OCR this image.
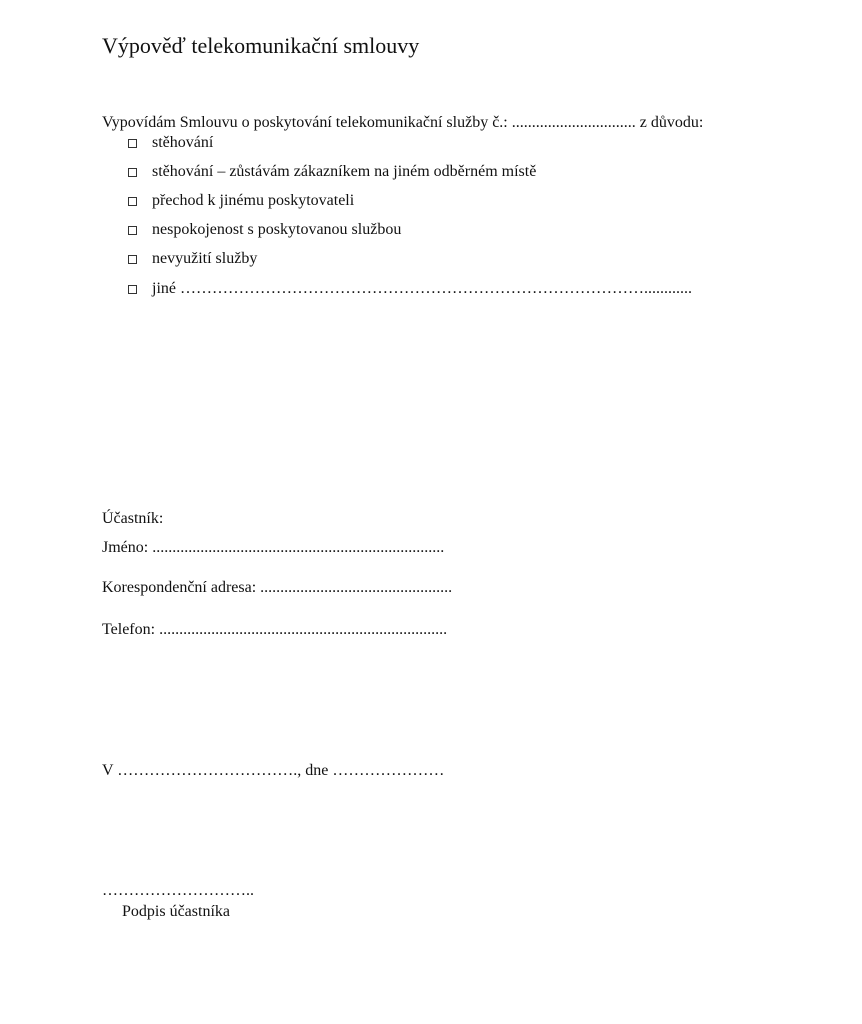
Výpověď telekomunikační smlouvy
Vypovídám Smlouvu o poskytování telekomunikační služby č.: ............................... z důvodu:
stěhování
stěhování – zůstávám zákazníkem na jiném odběrném místě
přechod k jinému poskytovateli
nespokojenost s poskytovanou službou
nevyužití služby
jiné ……………………………………………………………………………............
Účastník:
Jméno: .........................................................................
Korespondenční adresa: ................................................
Telefon: ........................................................................
V ……………………………., dne …………………
………………………..
Podpis účastníka
